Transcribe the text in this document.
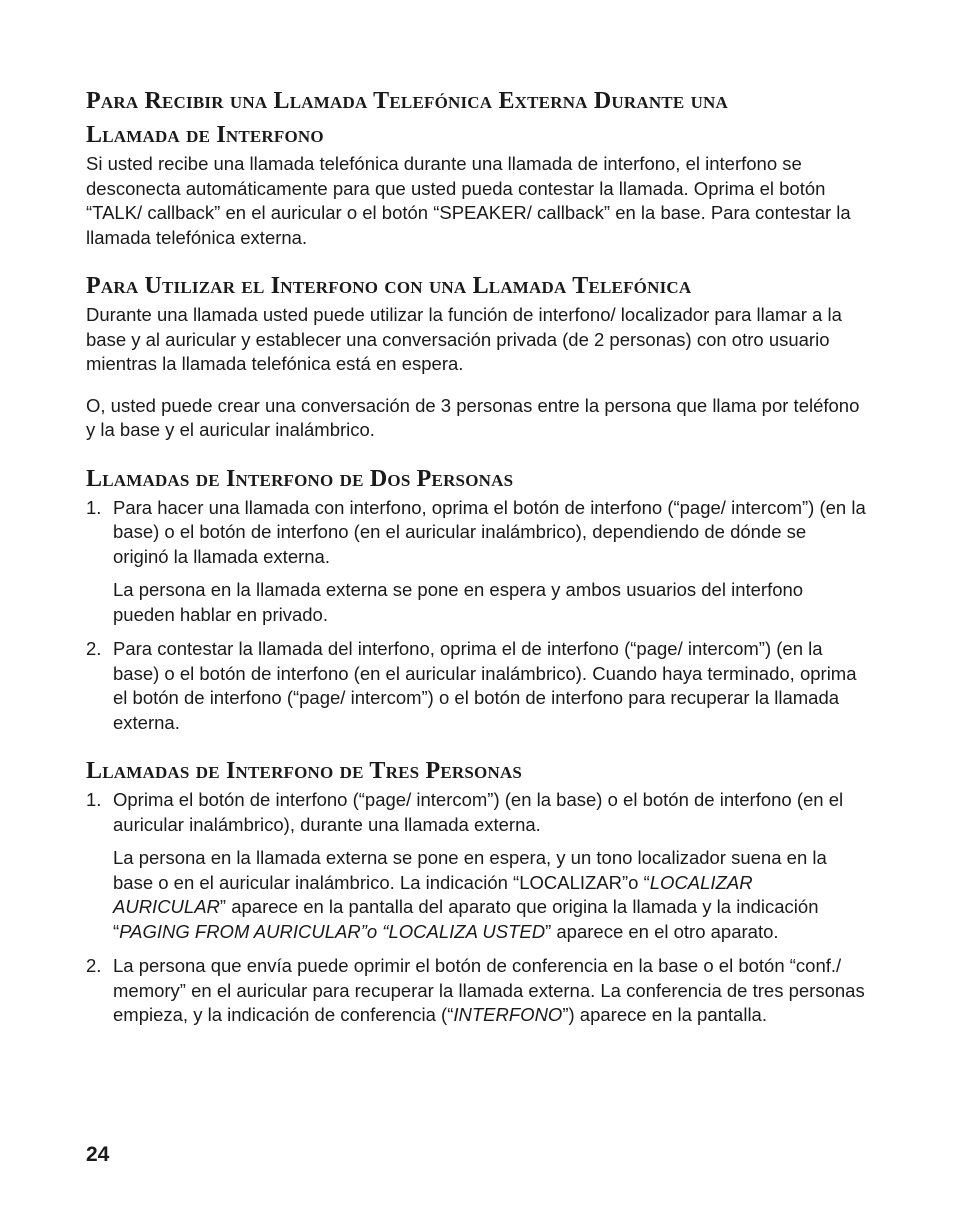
Para Recibir una Llamada Telefónica Externa Durante una
Llamada de Interfono

Si usted recibe una llamada telefónica durante una llamada de interfono, el interfono se desconecta automáticamente para que usted pueda contestar la llamada. Oprima el botón “TALK/ callback” en el auricular o el botón “SPEAKER/ callback” en la base. Para contestar la llamada telefónica externa.

Para Utilizar el Interfono con una Llamada Telefónica

Durante una llamada usted puede utilizar la función de interfono/ localizador para llamar a la base y al auricular y establecer una conversación privada (de 2 personas) con otro usuario mientras la llamada telefónica está en espera.

O, usted puede crear una conversación de 3 personas entre la persona que llama por teléfono y la base y el auricular inalámbrico.

Llamadas de Interfono de Dos Personas
1. Para hacer una llamada con interfono, oprima el botón de interfono (“page/ intercom”) (en la base) o el botón de interfono (en el auricular inalámbrico), dependiendo de dónde se originó la llamada externa.

La persona en la llamada externa se pone en espera y ambos usuarios del interfono pueden hablar en privado.

2. Para contestar la llamada del interfono, oprima el de interfono (“page/ intercom”) (en la base) o el botón de interfono (en el auricular inalámbrico). Cuando haya terminado, oprima el botón de interfono (“page/ intercom”) o el botón de interfono para recuperar la llamada externa.

Llamadas de Interfono de Tres Personas
1. Oprima el botón de interfono (“page/ intercom”) (en la base) o el botón de interfono (en el auricular inalámbrico), durante una llamada externa.

La persona en la llamada externa se pone en espera, y un tono localizador suena en la base o en el auricular inalámbrico. La indicación “LOCALIZAR”o “LOCALIZAR AURICULAR” aparece en la pantalla del aparato que origina la llamada y la indicación “PAGING FROM AURICULAR”o “LOCALIZA USTED” aparece en el otro aparato.

2. La persona que envía puede oprimir el botón de conferencia en la base o el botón “conf./ memory” en el auricular para recuperar la llamada externa. La conferencia de tres personas empieza, y la indicación de conferencia (“INTERFONO”) aparece en la pantalla.

24
